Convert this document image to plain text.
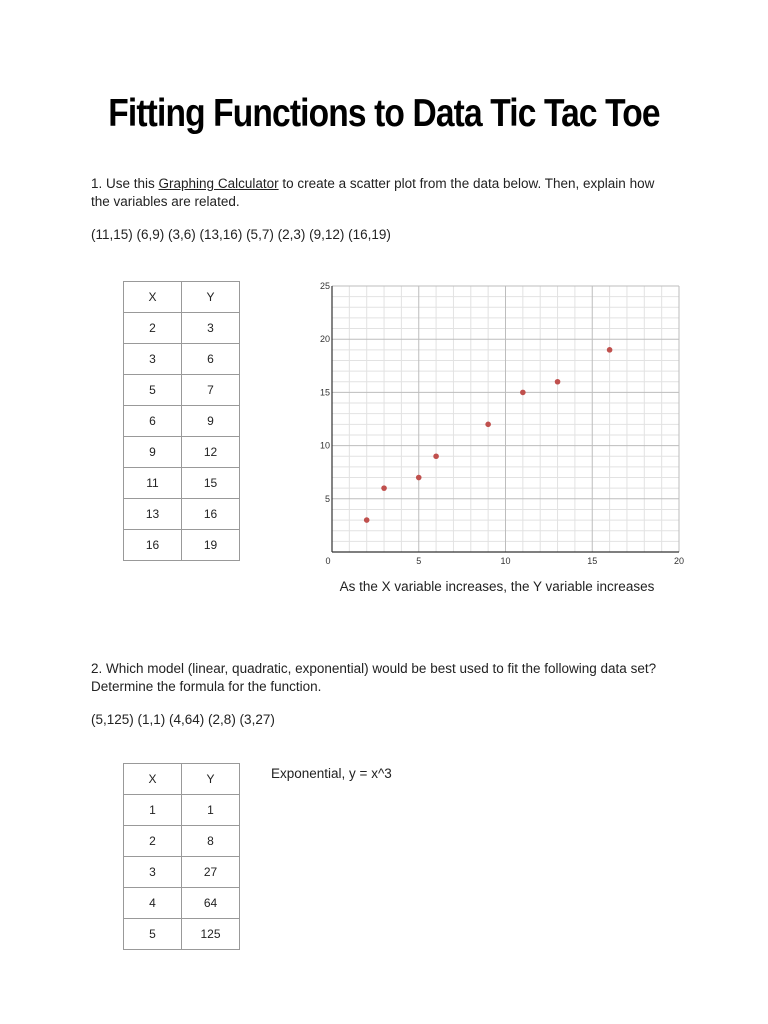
Fitting Functions to Data Tic Tac Toe

1. Use this Graphing Calculator to create a scatter plot from the data below. Then, explain how the variables are related.

(11,15) (6,9) (3,6) (13,16) (5,7) (2,3) (9,12) (16,19)

X	Y
2	3
3	6
5	7
6	9
9	12
11	15
13	16
16	19
0	5	10	15	20
5
10
15
20
25

As the X variable increases, the Y variable increases

2. Which model (linear, quadratic, exponential) would be best used to fit the following data set? Determine the formula for the function.

(5,125) (1,1) (4,64) (2,8) (3,27)

X	Y
1	1
2	8
3	27
4	64
5	125

Exponential, y = x^3
